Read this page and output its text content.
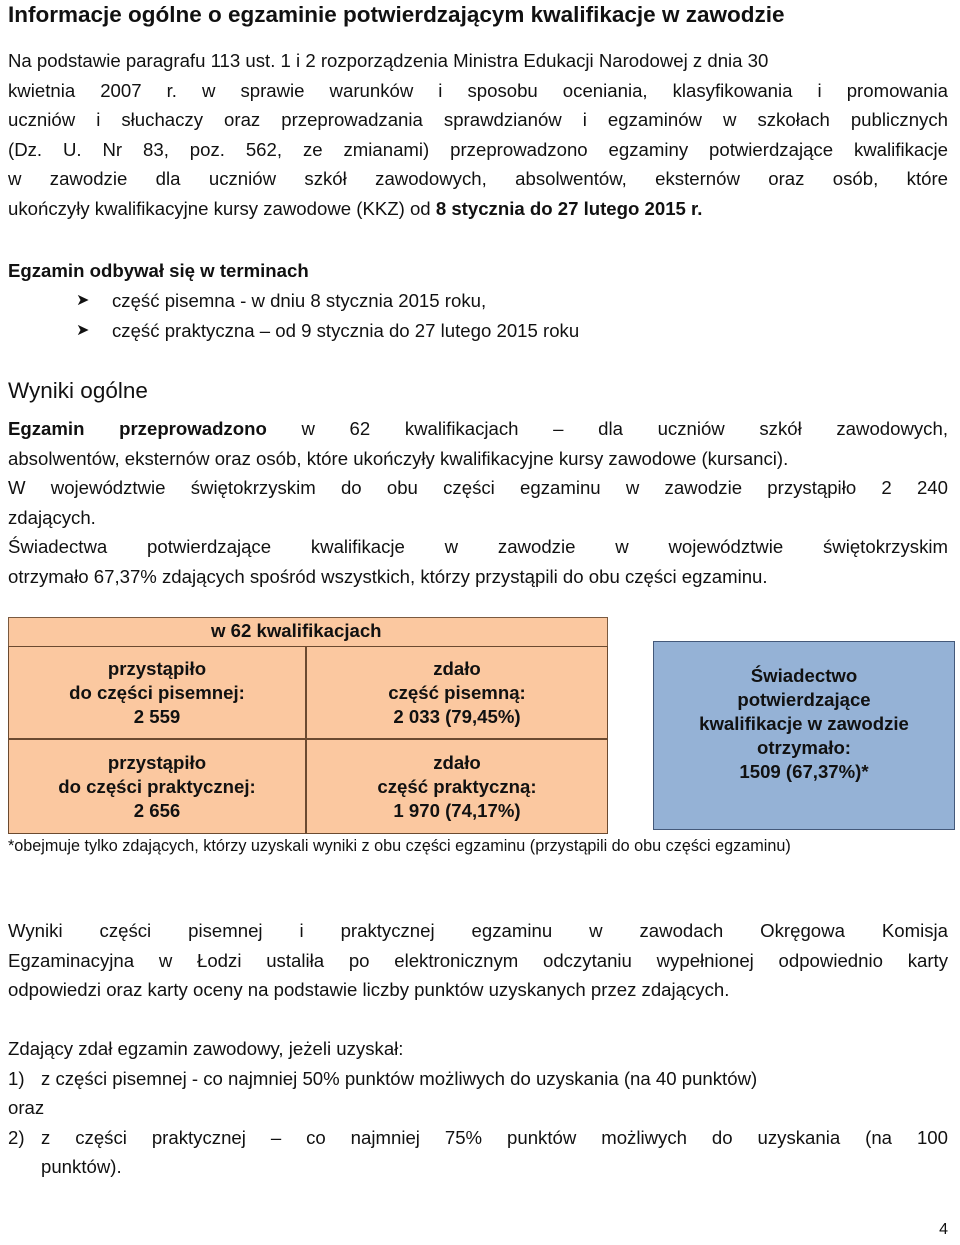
Informacje ogólne o egzaminie potwierdzającym kwalifikacje w zawodzie
Na podstawie paragrafu 113 ust. 1 i 2 rozporządzenia Ministra Edukacji Narodowej z dnia 30
kwietnia 2007 r. w sprawie warunków i sposobu oceniania, klasyfikowania i promowania
uczniów i słuchaczy oraz przeprowadzania sprawdzianów i egzaminów w szkołach publicznych
(Dz. U. Nr 83, poz. 562, ze zmianami) przeprowadzono egzaminy potwierdzające kwalifikacje
w zawodzie dla uczniów szkół zawodowych, absolwentów, eksternów oraz osób, które
ukończyły kwalifikacyjne kursy zawodowe (KKZ) od 8 stycznia do 27 lutego 2015 r.
Egzamin odbywał się w terminach
➤	część pisemna - w dniu 8 stycznia 2015 roku,
➤	część praktyczna – od 9 stycznia do 27 lutego 2015 roku
Wyniki ogólne
Egzamin przeprowadzono w 62 kwalifikacjach – dla uczniów szkół zawodowych,
absolwentów, eksternów oraz osób, które ukończyły kwalifikacyjne kursy zawodowe (kursanci).
W województwie świętokrzyskim do obu części egzaminu w zawodzie przystąpiło 2 240
zdających.
Świadectwa potwierdzające kwalifikacje w zawodzie w województwie świętokrzyskim
otrzymało 67,37% zdających spośród wszystkich, którzy przystąpili do obu części egzaminu.
w 62 kwalifikacjach
przystąpiło
do części pisemnej:
2 559
zdało
część pisemną:
2 033 (79,45%)
przystąpiło
do części praktycznej:
2 656
zdało
część praktyczną:
1 970 (74,17%)
Świadectwo
potwierdzające
kwalifikacje w zawodzie
otrzymało:
1509 (67,37%)*
*obejmuje tylko zdających, którzy uzyskali wyniki z obu części egzaminu (przystąpili do obu części egzaminu)
Wyniki części pisemnej i praktycznej egzaminu w zawodach Okręgowa Komisja
Egzaminacyjna w Łodzi ustaliła po elektronicznym odczytaniu wypełnionej odpowiednio karty
odpowiedzi oraz karty oceny na podstawie liczby punktów uzyskanych przez zdających.
Zdający zdał egzamin zawodowy, jeżeli uzyskał:
1) z części pisemnej - co najmniej 50% punktów możliwych do uzyskania (na 40 punktów)
oraz
2) z części praktycznej – co najmniej 75% punktów możliwych do uzyskania (na 100
punktów).
4
